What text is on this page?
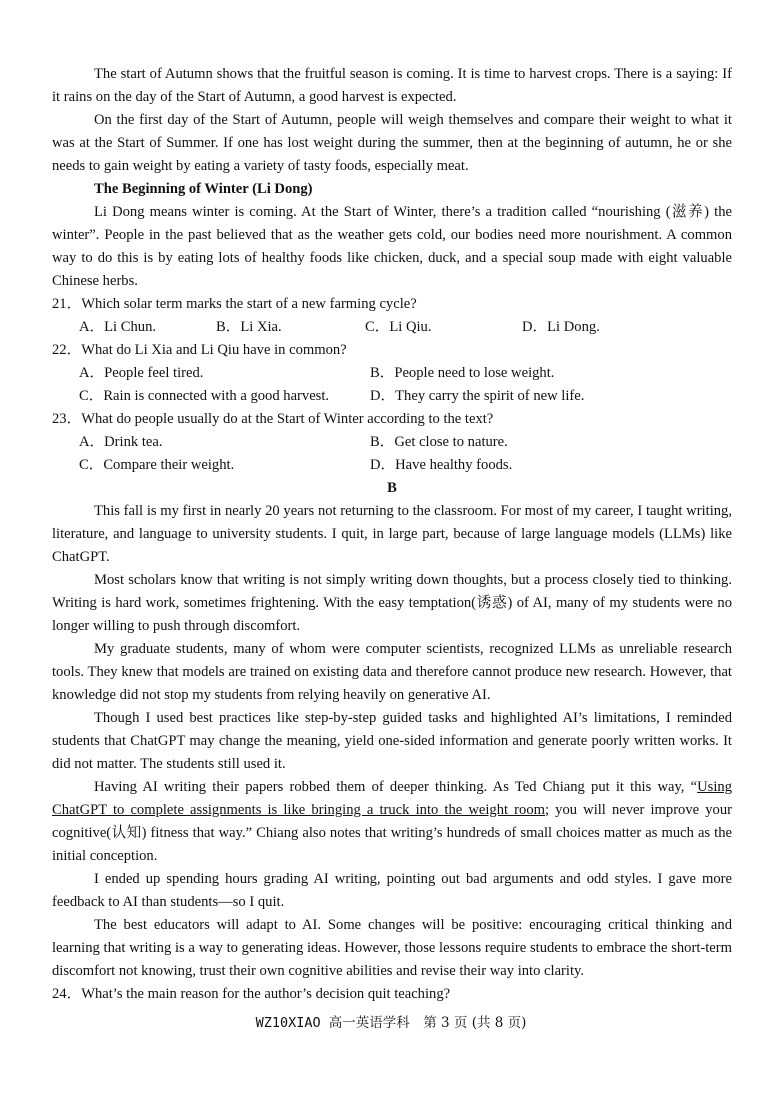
The start of Autumn shows that the fruitful season is coming. It is time to harvest crops. There is a saying: If it rains on the day of the Start of Autumn, a good harvest is expected.

On the first day of the Start of Autumn, people will weigh themselves and compare their weight to what it was at the Start of Summer. If one has lost weight during the summer, then at the beginning of autumn, he or she needs to gain weight by eating a variety of tasty foods, especially meat.

The Beginning of Winter (Li Dong)

Li Dong means winter is coming. At the Start of Winter, there’s a tradition called “nourishing (滋养) the winter”. People in the past believed that as the weather gets cold, our bodies need more nourishment. A common way to do this is by eating lots of healthy foods like chicken, duck, and a special soup made with eight valuable Chinese herbs.

21．Which solar term marks the start of a new farming cycle?
A．Li Chun.	B．Li Xia.	C．Li Qiu.	D．Li Dong.
22．What do Li Xia and Li Qiu have in common?
A．People feel tired.	B．People need to lose weight.
C．Rain is connected with a good harvest.	D．They carry the spirit of new life.
23．What do people usually do at the Start of Winter according to the text?
A．Drink tea.	B．Get close to nature.
C．Compare their weight.	D．Have healthy foods.
B

This fall is my first in nearly 20 years not returning to the classroom. For most of my career, I taught writing, literature, and language to university students. I quit, in large part, because of large language models (LLMs) like ChatGPT.

Most scholars know that writing is not simply writing down thoughts, but a process closely tied to thinking. Writing is hard work, sometimes frightening. With the easy temptation(诱惑) of AI, many of my students were no longer willing to push through discomfort.

My graduate students, many of whom were computer scientists, recognized LLMs as unreliable research tools. They knew that models are trained on existing data and therefore cannot produce new research. However, that knowledge did not stop my students from relying heavily on generative AI.

Though I used best practices like step-by-step guided tasks and highlighted AI’s limitations, I reminded students that ChatGPT may change the meaning, yield one-sided information and generate poorly written works. It did not matter. The students still used it.

Having AI writing their papers robbed them of deeper thinking. As Ted Chiang put it this way, “Using ChatGPT to complete assignments is like bringing a truck into the weight room; you will never improve your cognitive(认知) fitness that way.” Chiang also notes that writing’s hundreds of small choices matter as much as the initial conception.

I ended up spending hours grading AI writing, pointing out bad arguments and odd styles. I gave more feedback to AI than students—so I quit.

The best educators will adapt to AI. Some changes will be positive: encouraging critical thinking and learning that writing is a way to generating ideas. However, those lessons require students to embrace the short-term discomfort not knowing, trust their own cognitive abilities and revise their way into clarity.

24．What’s the main reason for the author’s decision quit teaching?
WZ10XIAO 高一英语学科　第 3 页 (共 8 页)
